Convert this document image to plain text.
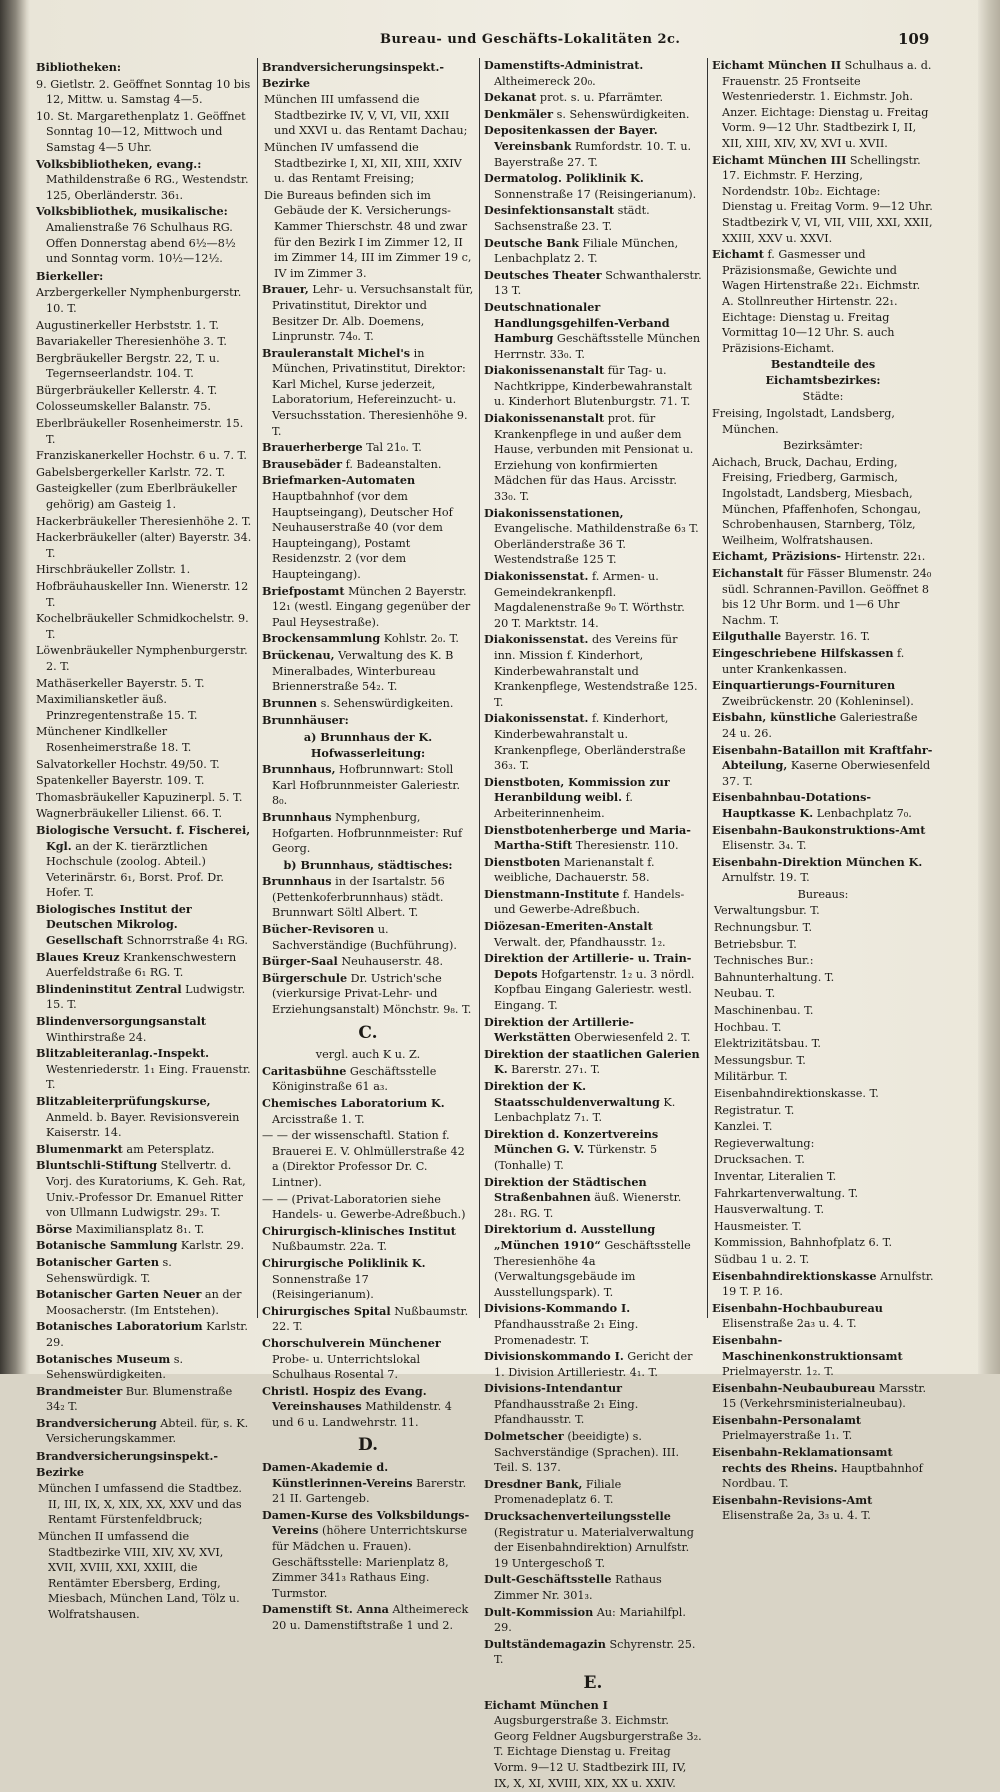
Bureau- und Geschäfts-Lokalitäten 2c.	109
Bibliotheken:
9. Gietlstr. 2. Geöffnet Sonntag 10 bis 12, Mittw. u. Samstag 4—5.
10. St. Margarethenplatz 1. Geöffnet Sonntag 10—12, Mittwoch und Samstag 4—5 Uhr.
Volksbibliotheken, evang.: Mathildenstraße 6 RG., Westendstr. 125, Oberländerstr. 36₁.
Volksbibliothek, musikalische: Amalienstraße 76 Schulhaus RG. Offen Donnerstag abend 6½—8½ und Sonntag vorm. 10½—12½.
Bierkeller:
Arzbergerkeller Nymphenburgerstr. 10. T.
Augustinerkeller Herbststr. 1. T.
Bavariakeller Theresienhöhe 3. T.
Bergbräukeller Bergstr. 22, T. u. Tegernseerlandstr. 104. T.
Bürgerbräukeller Kellerstr. 4. T.
Colosseumskeller Balanstr. 75.
Eberlbräukeller Rosenheimerstr. 15. T.
Franziskanerkeller Hochstr. 6 u. 7. T.
Gabelsbergerkeller Karlstr. 72. T.
Gasteigkeller (zum Eberlbräukeller gehörig) am Gasteig 1.
Hackerbräukeller Theresienhöhe 2. T.
Hackerbräukeller (alter) Bayerstr. 34. T.
Hirschbräukeller Zollstr. 1.
Hofbräuhauskeller Inn. Wienerstr. 12 T.
Kochelbräukeller Schmidkochelstr. 9. T.
Löwenbräukeller Nymphenburgerstr. 2. T.
Mathäserkeller Bayerstr. 5. T.
Maximiliansketler äuß. Prinzregentenstraße 15. T.
Münchener Kindlkeller Rosenheimerstraße 18. T.
Salvatorkeller Hochstr. 49/50. T.
Spatenkeller Bayerstr. 109. T.
Thomasbräukeller Kapuzinerpl. 5. T.
Wagnerbräukeller Lilienst. 66. T.
Biologische Versucht. f. Fischerei, Kgl. an der K. tierärztlichen Hochschule (zoolog. Abteil.) Veterinärstr. 6₁, Borst. Prof. Dr. Hofer. T.
Biologisches Institut der Deutschen Mikrolog. Gesellschaft Schnorrstraße 4₁ RG.
Blaues Kreuz Krankenschwestern Auerfeldstraße 6₁ RG. T.
Blindeninstitut Zentral Ludwigstr. 15. T.
Blindenversorgungsanstalt Winthirstraße 24.
Blitzableiteranlag.-Inspekt. Westenriederstr. 1₁ Eing. Frauenstr. T.
Blitzableiterprüfungskurse, Anmeld. b. Bayer. Revisionsverein Kaiserstr. 14.
Blumenmarkt am Petersplatz.
Bluntschli-Stiftung Stellvertr. d. Vorj. des Kuratoriums, K. Geh. Rat, Univ.-Professor Dr. Emanuel Ritter von Ullmann Ludwigstr. 29₃. T.
Börse Maximiliansplatz 8₁. T.
Botanische Sammlung Karlstr. 29.
Botanischer Garten s. Sehenswürdigk. T.
Botanischer Garten Neuer an der Moosacherstr. (Im Entstehen).
Botanisches Laboratorium Karlstr. 29.
Botanisches Museum s. Sehenswürdigkeiten.
Brandmeister Bur. Blumenstraße 34₂ T.
Brandversicherung Abteil. für, s. K. Versicherungskammer.
Brandversicherungsinspekt.-Bezirke
München I umfassend die Stadtbez. II, III, IX, X, XIX, XX, XXV und das Rentamt Fürstenfeldbruck;
München II umfassend die Stadtbezirke VIII, XIV, XV, XVI, XVII, XVIII, XXI, XXIII, die Rentämter Ebersberg, Erding, Miesbach, München Land, Tölz u. Wolfratshausen.
Brandversicherungsinspekt.-Bezirke
München III umfassend die Stadtbezirke IV, V, VI, VII, XXII und XXVI u. das Rentamt Dachau;
München IV umfassend die Stadtbezirke I, XI, XII, XIII, XXIV u. das Rentamt Freising;
Die Bureaus befinden sich im Gebäude der K. Versicherungs-Kammer Thierschstr. 48 und zwar für den Bezirk I im Zimmer 12, II im Zimmer 14, III im Zimmer 19 c, IV im Zimmer 3.
Brauer, Lehr- u. Versuchsanstalt für, Privatinstitut, Direktor und Besitzer Dr. Alb. Doemens, Linprunstr. 74₀. T.
Brauleranstalt Michel's in München, Privatinstitut, Direktor: Karl Michel, Kurse jederzeit, Laboratorium, Hefereinzucht- u. Versuchsstation. Theresienhöhe 9. T.
Brauerherberge Tal 21₀. T.
Brausebäder f. Badeanstalten.
Briefmarken-Automaten Hauptbahnhof (vor dem Hauptseingang), Deutscher Hof Neuhauserstraße 40 (vor dem Haupteingang), Postamt Residenzstr. 2 (vor dem Haupteingang).
Briefpostamt München 2 Bayerstr. 12₁ (westl. Eingang gegenüber der Paul Heysestraße).
Brockensammlung Kohlstr. 2₀. T.
Brückenau, Verwaltung des K. B Mineralbades, Winterbureau Briennerstraße 54₂. T.
Brunnen s. Sehenswürdigkeiten.
Brunnhäuser:
a) Brunnhaus der K. Hofwasserleitung:
Brunnhaus, Hofbrunnwart: Stoll Karl Hofbrunnmeister Galeriestr. 8₀.
Brunnhaus Nymphenburg, Hofgarten. Hofbrunnmeister: Ruf Georg.
b) Brunnhaus, städtisches:
Brunnhaus in der Isartalstr. 56 (Pettenkoferbrunnhaus) städt. Brunnwart Söltl Albert. T.
Bücher-Revisoren u. Sachverständige (Buchführung).
Bürger-Saal Neuhauserstr. 48.
Bürgerschule Dr. Ustrich'sche (vierkursige Privat-Lehr- und Erziehungsanstalt) Mönchstr. 9₈. T.
C.
vergl. auch K u. Z.
Caritasbühne Geschäftsstelle Königinstraße 61 a₃.
Chemisches Laboratorium K. Arcisstraße 1. T.
— — der wissenschaftl. Station f. Brauerei E. V. Ohlmüllerstraße 42 a (Direktor Professor Dr. C. Lintner).
— — (Privat-Laboratorien siehe Handels- u. Gewerbe-Adreßbuch.)
Chirurgisch-klinisches Institut Nußbaumstr. 22a. T.
Chirurgische Poliklinik K. Sonnenstraße 17 (Reisingerianum).
Chirurgisches Spital Nußbaumstr. 22. T.
Chorschulverein Münchener Probe- u. Unterrichtslokal Schulhaus Rosental 7.
Christl. Hospiz des Evang. Vereinshauses Mathildenstr. 4 und 6 u. Landwehrstr. 11.
D.
Damen-Akademie d. Künstlerinnen-Vereins Barerstr. 21 II. Gartengeb.
Damen-Kurse des Volksbildungs-Vereins (höhere Unterrichtskurse für Mädchen u. Frauen). Geschäftsstelle: Marienplatz 8, Zimmer 341₃ Rathaus Eing. Turmstor.
Damenstift St. Anna Altheimereck 20 u. Damenstiftstraße 1 und 2.
Damenstifts-Administrat. Altheimereck 20₀.
Dekanat prot. s. u. Pfarrämter.
Denkmäler s. Sehenswürdigkeiten.
Depositenkassen der Bayer. Vereinsbank Rumfordstr. 10. T. u. Bayerstraße 27. T.
Dermatolog. Poliklinik K. Sonnenstraße 17 (Reisingerianum).
Desinfektionsanstalt städt. Sachsenstraße 23. T.
Deutsche Bank Filiale München, Lenbachplatz 2. T.
Deutsches Theater Schwanthalerstr. 13 T.
Deutschnationaler Handlungsgehilfen-Verband Hamburg Geschäftsstelle München Herrnstr. 33₀. T.
Diakonissenanstalt für Tag- u. Nachtkrippe, Kinderbewahranstalt u. Kinderhort Blutenburgstr. 71. T.
Diakonissenanstalt prot. für Krankenpflege in und außer dem Hause, verbunden mit Pensionat u. Erziehung von konfirmierten Mädchen für das Haus. Arcisstr. 33₀. T.
Diakonissenstationen, Evangelische. Mathildenstraße 6₃ T. Oberländerstraße 36 T. Westendstraße 125 T.
Diakonissenstat. f. Armen- u. Gemeindekrankenpfl. Magdalenenstraße 9₀ T. Wörthstr. 20 T. Marktstr. 14.
Diakonissenstat. des Vereins für inn. Mission f. Kinderhort, Kinderbewahranstalt und Krankenpflege, Westendstraße 125. T.
Diakonissenstat. f. Kinderhort, Kinderbewahranstalt u. Krankenpflege, Oberländerstraße 36₃. T.
Dienstboten, Kommission zur Heranbildung weibl. f. Arbeiterinnenheim.
Dienstbotenherberge und Maria-Martha-Stift Theresienstr. 110.
Dienstboten Marienanstalt f. weibliche, Dachauerstr. 58.
Dienstmann-Institute f. Handels- und Gewerbe-Adreßbuch.
Diözesan-Emeriten-Anstalt Verwalt. der, Pfandhausstr. 1₂.
Direktion der Artillerie- u. Train-Depots Hofgartenstr. 1₂ u. 3 nördl. Kopfbau Eingang Galeriestr. westl. Eingang. T.
Direktion der Artillerie-Werkstätten Oberwiesenfeld 2. T.
Direktion der staatlichen Galerien K. Barerstr. 27₁. T.
Direktion der K. Staatsschuldenverwaltung K. Lenbachplatz 7₁. T.
Direktion d. Konzertvereins München G. V. Türkenstr. 5 (Tonhalle) T.
Direktion der Städtischen Straßenbahnen äuß. Wienerstr. 28₁. RG. T.
Direktorium d. Ausstellung „München 1910“ Geschäftsstelle Theresienhöhe 4a (Verwaltungsgebäude im Ausstellungspark). T.
Divisions-Kommando I. Pfandhausstraße 2₁ Eing. Promenadestr. T.
Divisionskommando I. Gericht der 1. Division Artilleriestr. 4₁. T.
Divisions-Intendantur Pfandhausstraße 2₁ Eing. Pfandhausstr. T.
Dolmetscher (beeidigte) s. Sachverständige (Sprachen). III. Teil. S. 137.
Dresdner Bank, Filiale Promenadeplatz 6. T.
Drucksachenverteilungsstelle (Registratur u. Materialverwaltung der Eisenbahndirektion) Arnulfstr. 19 Untergeschoß T.
Dult-Geschäftsstelle Rathaus Zimmer Nr. 301₃.
Dult-Kommission Au: Mariahilfpl. 29.
Dultständemagazin Schyrenstr. 25. T.
E.
Eichamt München I Augsburgerstraße 3. Eichmstr. Georg Feldner Augsburgerstraße 3₂. T. Eichtage Dienstag u. Freitag Vorm. 9—12 U. Stadtbezirk III, IV, IX, X, XI, XVIII, XIX, XX u. XXIV.
Eichamt München II Schulhaus a. d. Frauenstr. 25 Frontseite Westenriederstr. 1. Eichmstr. Joh. Anzer. Eichtage: Dienstag u. Freitag Vorm. 9—12 Uhr. Stadtbezirk I, II, XII, XIII, XIV, XV, XVI u. XVII.
Eichamt München III Schellingstr. 17. Eichmstr. F. Herzing, Nordendstr. 10b₂. Eichtage: Dienstag u. Freitag Vorm. 9—12 Uhr. Stadtbezirk V, VI, VII, VIII, XXI, XXII, XXIII, XXV u. XXVI.
Eichamt f. Gasmesser und Präzisionsmaße, Gewichte und Wagen Hirtenstraße 22₁. Eichmstr. A. Stollnreuther Hirtenstr. 22₁. Eichtage: Dienstag u. Freitag Vormittag 10—12 Uhr. S. auch Präzisions-Eichamt.
Bestandteile des Eichamtsbezirkes:
Städte:
Freising, Ingolstadt, Landsberg, München.
Bezirksämter:
Aichach, Bruck, Dachau, Erding, Freising, Friedberg, Garmisch, Ingolstadt, Landsberg, Miesbach, München, Pfaffenhofen, Schongau, Schrobenhausen, Starnberg, Tölz, Weilheim, Wolfratshausen.
Eichamt, Präzisions- Hirtenstr. 22₁.
Eichanstalt für Fässer Blumenstr. 24₀ südl. Schrannen-Pavillon. Geöffnet 8 bis 12 Uhr Borm. und 1—6 Uhr Nachm. T.
Eilguthalle Bayerstr. 16. T.
Eingeschriebene Hilfskassen f. unter Krankenkassen.
Einquartierungs-Fournituren Zweibrückenstr. 20 (Kohleninsel).
Eisbahn, künstliche Galeriestraße 24 u. 26.
Eisenbahn-Bataillon mit Kraftfahr-Abteilung, Kaserne Oberwiesenfeld 37. T.
Eisenbahnbau-Dotations-Hauptkasse K. Lenbachplatz 7₀.
Eisenbahn-Baukonstruktions-Amt Elisenstr. 3₄. T.
Eisenbahn-Direktion München K. Arnulfstr. 19. T.
Bureaus:
Verwaltungsbur. T.
Rechnungsbur. T.
Betriebsbur. T.
Technisches Bur.:
Bahnunterhaltung. T.
Neubau. T.
Maschinenbau. T.
Hochbau. T.
Elektrizitätsbau. T.
Messungsbur. T.
Militärbur. T.
Eisenbahndirektionskasse. T.
Registratur. T.
Kanzlei. T.
Regieverwaltung:
Drucksachen. T.
Inventar, Literalien T.
Fahrkartenverwaltung. T.
Hausverwaltung. T.
Hausmeister. T.
Kommission, Bahnhofplatz 6. T.
Südbau 1 u. 2. T.
Eisenbahndirektionskasse Arnulfstr. 19 T. P. 16.
Eisenbahn-Hochbaubureau Elisenstraße 2a₃ u. 4. T.
Eisenbahn-Maschinenkonstruktionsamt Prielmayerstr. 1₂. T.
Eisenbahn-Neubaubureau Marsstr. 15 (Verkehrsministerialneubau).
Eisenbahn-Personalamt Prielmayerstraße 1₁. T.
Eisenbahn-Reklamationsamt rechts des Rheins. Hauptbahnhof Nordbau. T.
Eisenbahn-Revisions-Amt Elisenstraße 2a, 3₃ u. 4. T.
